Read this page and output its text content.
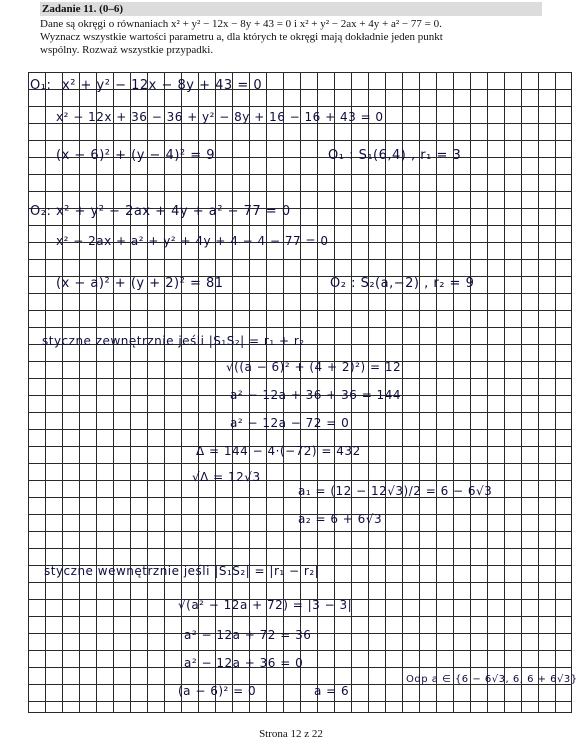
Zadanie 11. (0–6)

Dane są okręgi o równaniach x² + y² − 12x − 8y + 43 = 0 i x² + y² − 2ax + 4y + a² − 77 = 0.

Wyznacz wszystkie wartości parametru a, dla których te okręgi mają dokładnie jeden punkt

wspólny. Rozważ wszystkie przypadki.

O₁: x² + y² − 12x − 8y + 43 = 0
x² − 12x + 36 − 36 + y² − 8y + 16 − 16 + 43 = 0
(x − 6)² + (y − 4)² = 9	O₁ : S₁(6,4) , r₁ = 3
O₂: x² + y² − 2ax + 4y + a² − 77 = 0
x² − 2ax + a² + y² + 4y + 4 − 4 − 77 = 0
(x − a)² + (y + 2)² = 81	O₂ : S₂(a,−2) , r₂ = 9
styczne zewnętrznie jeśli |S₁S₂| = r₁ + r₂
√((a − 6)² + (4 + 2)²) = 12
a² − 12a + 36 + 36 = 144
a² − 12a − 72 = 0
Δ = 144 − 4·(−72) = 432
√Δ = 12√3
a₁ = (12 − 12√3)/2 = 6 − 6√3
a₂ = 6 + 6√3
styczne wewnętrznie jeśli |S₁S₂| = |r₁ − r₂|
√(a² − 12a + 72) = |3 − 3|
a² − 12a + 72 = 36
a² − 12a + 36 = 0
(a − 6)² = 0	a = 6
Odp a ∈ {6 − 6√3, 6, 6 + 6√3}
Strona 12 z 22
